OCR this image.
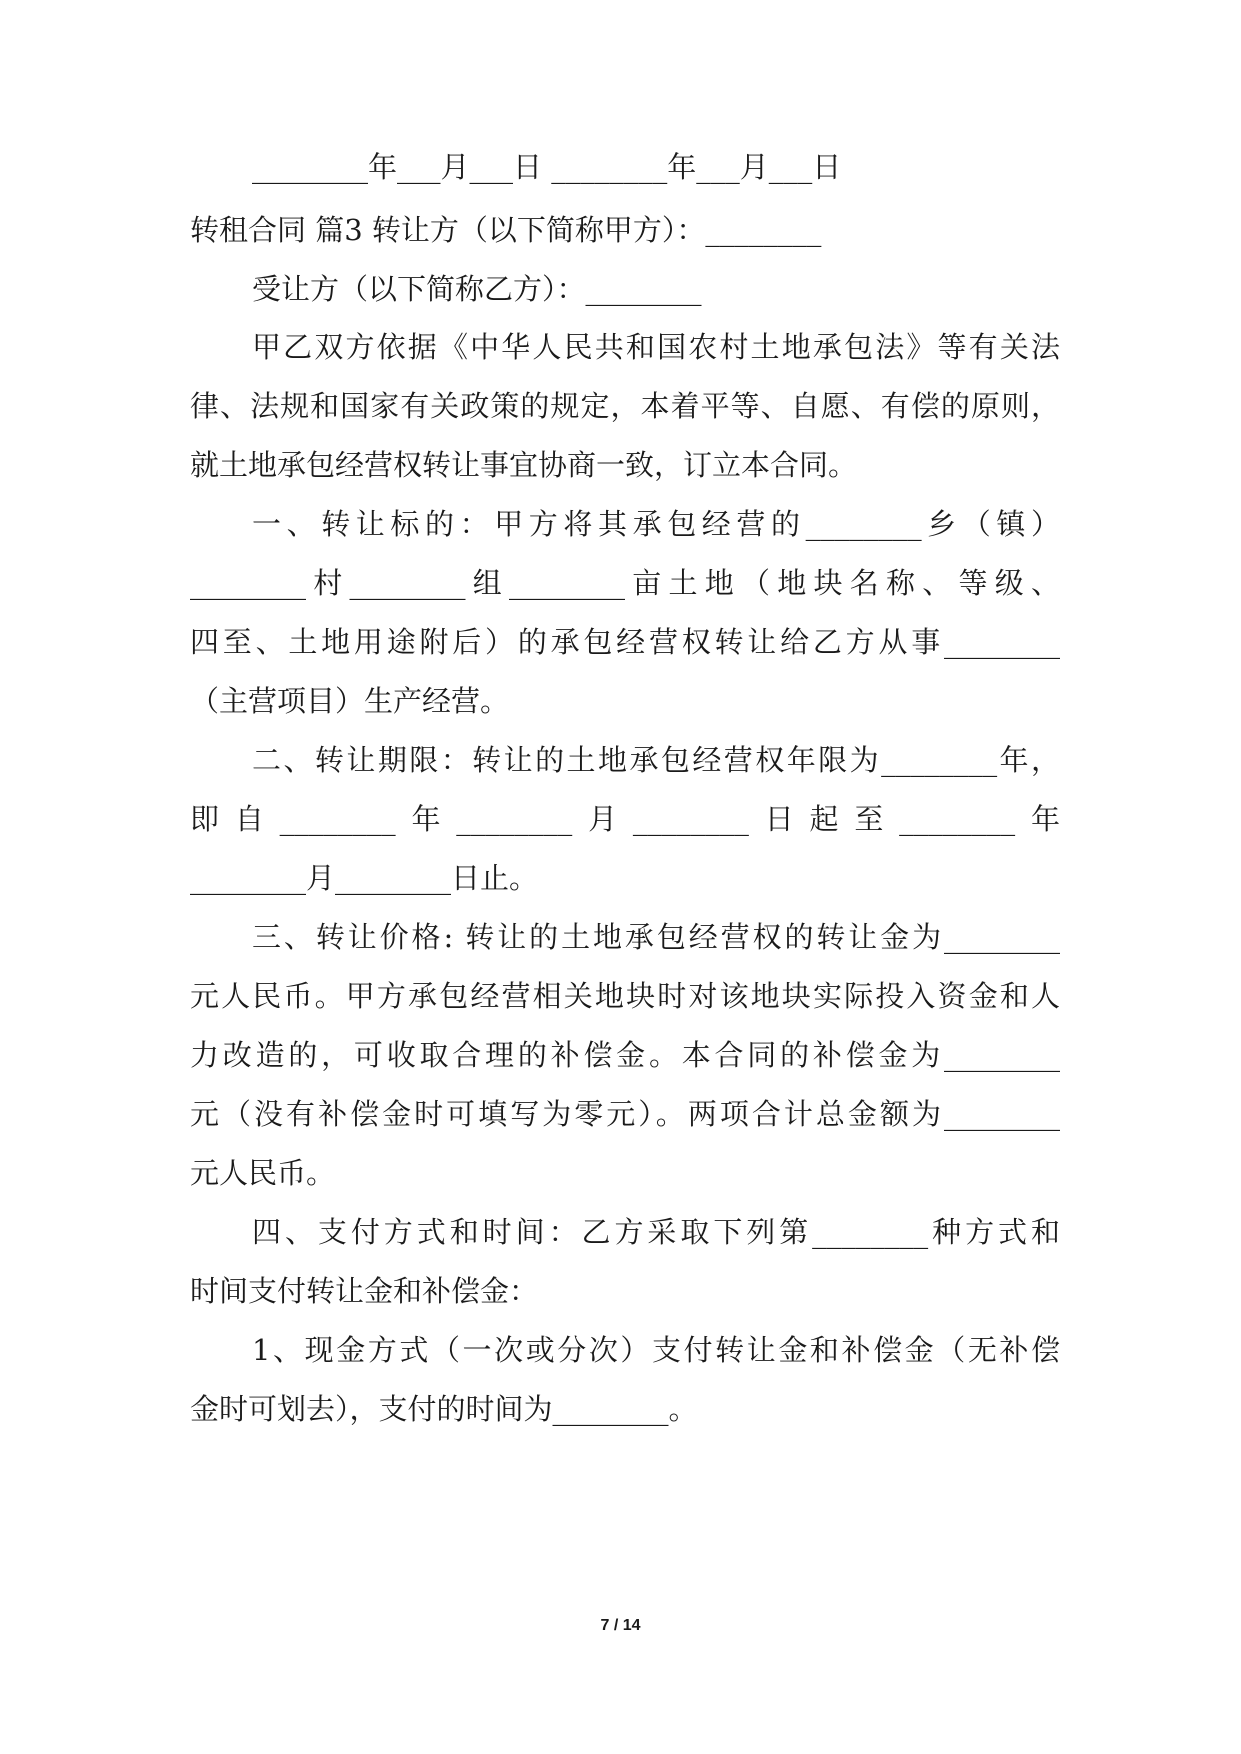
________年___月___日 ________年___月___日

转租合同 篇3 转让方（以下简称甲方）：________

受让方（以下简称乙方）：________

甲乙双方依据《中华人民共和国农村土地承包法》等有关法

律、法规和国家有关政策的规定，本着平等、自愿、有偿的原则，

就土地承包经营权转让事宜协商一致，订立本合同。

一、转让标的：甲方将其承包经营的________乡（镇）

________村________组________亩土地（地块名称、等级、

四至、土地用途附后）的承包经营权转让给乙方从事________

（主营项目）生产经营。

二、转让期限：转让的土地承包经营权年限为________年，

即自________年________月________日起至________年

________月________日止。

三、转让价格: 转让的土地承包经营权的转让金为________

元人民币。甲方承包经营相关地块时对该地块实际投入资金和人

力改造的，可收取合理的补偿金。本合同的补偿金为________

元（没有补偿金时可填写为零元）。两项合计总金额为________

元人民币。

四、支付方式和时间：乙方采取下列第________种方式和

时间支付转让金和补偿金：

1、现金方式（一次或分次）支付转让金和补偿金（无补偿

金时可划去），支付的时间为________。

7 / 14
